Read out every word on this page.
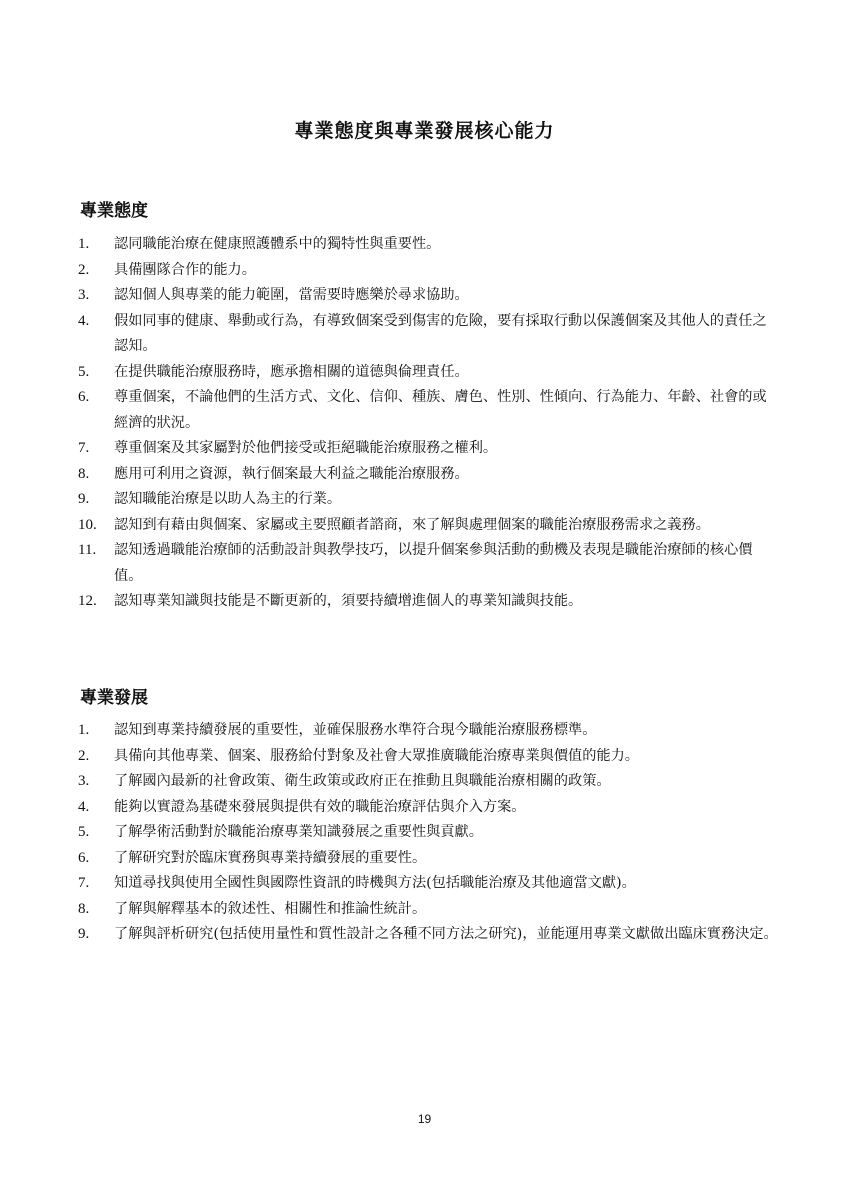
專業態度與專業發展核心能力
專業態度
1. 認同職能治療在健康照護體系中的獨特性與重要性。
2. 具備團隊合作的能力。
3. 認知個人與專業的能力範圍，當需要時應樂於尋求協助。
4. 假如同事的健康、舉動或行為，有導致個案受到傷害的危險，要有採取行動以保護個案及其他人的責任之認知。
5. 在提供職能治療服務時，應承擔相關的道德與倫理責任。
6. 尊重個案，不論他們的生活方式、文化、信仰、種族、膚色、性別、性傾向、行為能力、年齡、社會的或經濟的狀況。
7. 尊重個案及其家屬對於他們接受或拒絕職能治療服務之權利。
8. 應用可利用之資源，執行個案最大利益之職能治療服務。
9. 認知職能治療是以助人為主的行業。
10. 認知到有藉由與個案、家屬或主要照顧者諮商，來了解與處理個案的職能治療服務需求之義務。
11. 認知透過職能治療師的活動設計與教學技巧，以提升個案參與活動的動機及表現是職能治療師的核心價值。
12. 認知專業知識與技能是不斷更新的，須要持續增進個人的專業知識與技能。
專業發展
1. 認知到專業持續發展的重要性，並確保服務水準符合現今職能治療服務標準。
2. 具備向其他專業、個案、服務給付對象及社會大眾推廣職能治療專業與價值的能力。
3. 了解國內最新的社會政策、衛生政策或政府正在推動且與職能治療相關的政策。
4. 能夠以實證為基礎來發展與提供有效的職能治療評估與介入方案。
5. 了解學術活動對於職能治療專業知識發展之重要性與貢獻。
6. 了解研究對於臨床實務與專業持續發展的重要性。
7. 知道尋找與使用全國性與國際性資訊的時機與方法(包括職能治療及其他適當文獻)。
8. 了解與解釋基本的敘述性、相關性和推論性統計。
9. 了解與評析研究(包括使用量性和質性設計之各種不同方法之研究)，並能運用專業文獻做出臨床實務決定。
19
